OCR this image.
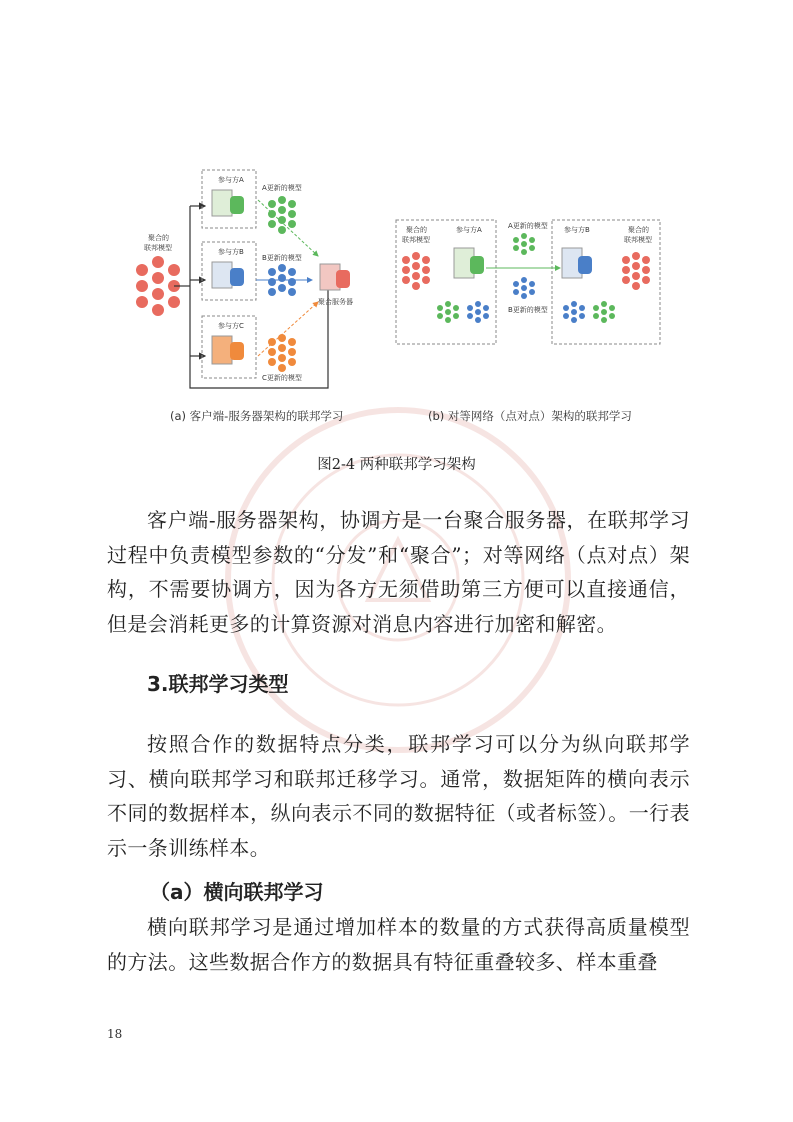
聚合的
联邦模型
参与方A
参与方B
参与方C
A更新的模型
B更新的模型
C更新的模型
聚合服务器
聚合的
联邦模型
参与方A	参与方B	聚合的
联邦模型
A更新的模型
B更新的模型
(a) 客户端-服务器架构的联邦学习	(b) 对等网络（点对点）架构的联邦学习
图2-4 两种联邦学习架构
客户端-服务器架构，协调方是一台聚合服务器，在联邦学习过程中负责模型参数的“分发”和“聚合”；对等网络（点对点）架构，不需要协调方，因为各方无须借助第三方便可以直接通信，但是会消耗更多的计算资源对消息内容进行加密和解密。
3.联邦学习类型
按照合作的数据特点分类，联邦学习可以分为纵向联邦学习、横向联邦学习和联邦迁移学习。通常，数据矩阵的横向表示不同的数据样本，纵向表示不同的数据特征（或者标签）。一行表示一条训练样本。
（a）横向联邦学习
横向联邦学习是通过增加样本的数量的方式获得高质量模型的方法。这些数据合作方的数据具有特征重叠较多、样本重叠
18
